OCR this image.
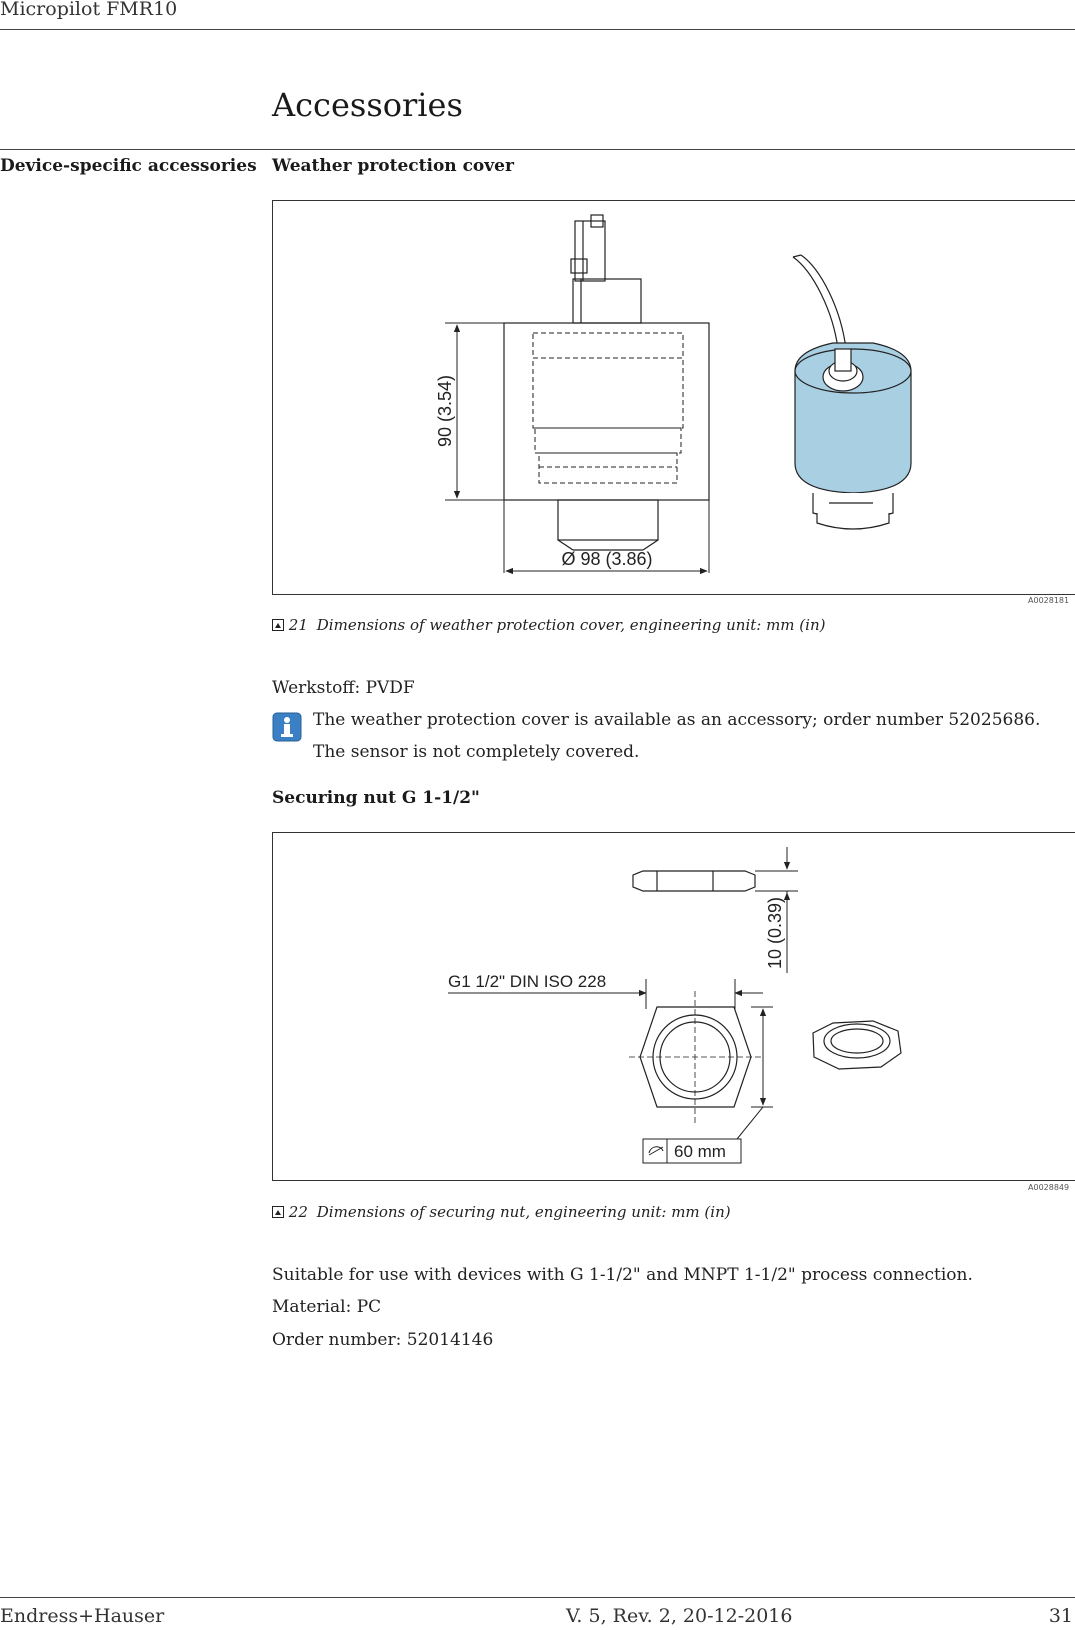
Micropilot FMR10
Accessories
Device-specific accessories Weather protection cover
90 (3.54)
Ø 98 (3.86)
A0028181
21 Dimensions of weather protection cover, engineering unit: mm (in)
Werkstoff: PVDF
The weather protection cover is available as an accessory; order number 52025686.
The sensor is not completely covered.
Securing nut G 1-1/2"
10 (0.39)
G1 1/2" DIN ISO 228
60 mm
A0028849
22 Dimensions of securing nut, engineering unit: mm (in)
Suitable for use with devices with G 1-1/2" and MNPT 1-1/2" process connection.
Material: PC
Order number: 52014146
Endress+Hauser	V. 5, Rev. 2, 20-12-2016	31
